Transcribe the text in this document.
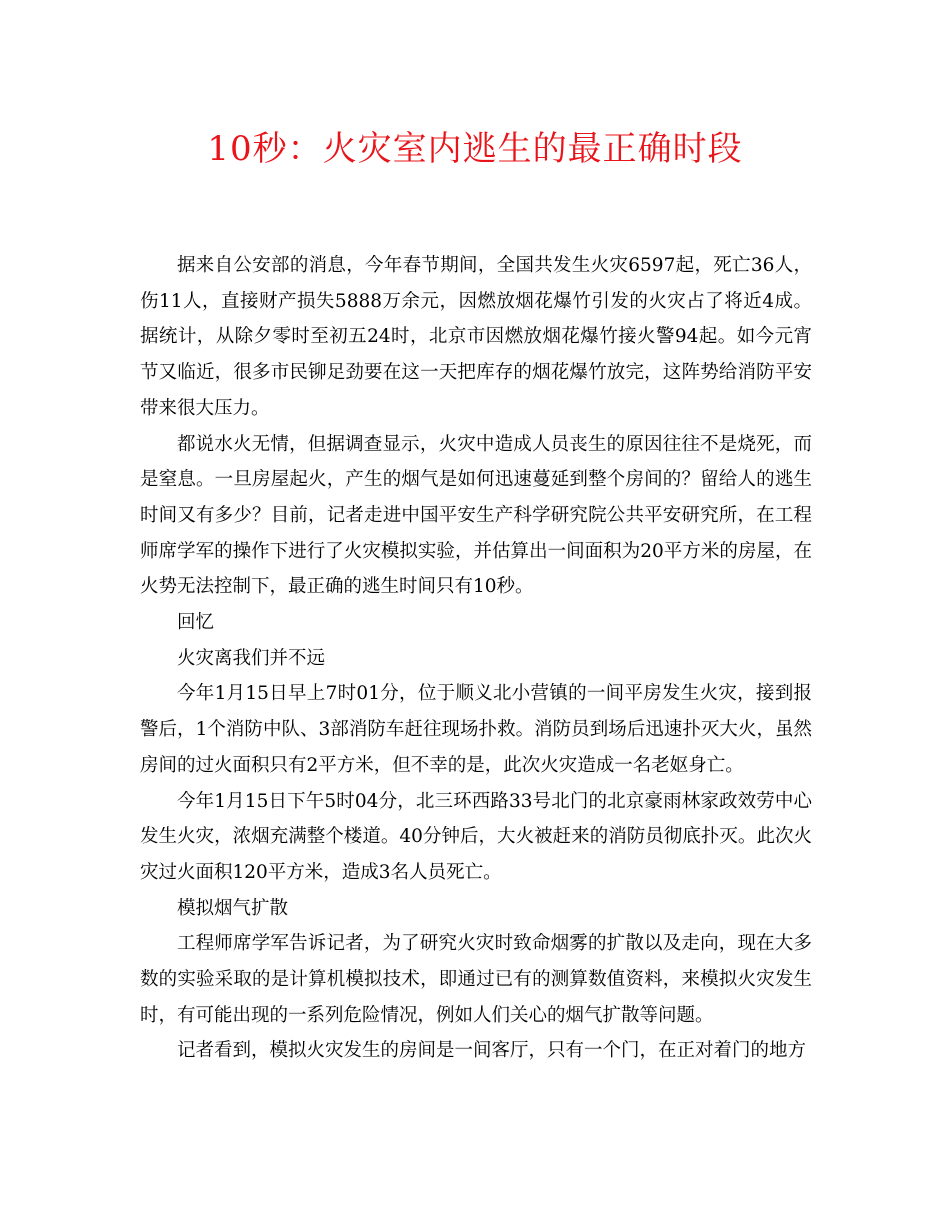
10秒：火灾室内逃生的最正确时段

据来自公安部的消息，今年春节期间，全国共发生火灾6597起，死亡36人，伤11人，直接财产损失5888万余元，因燃放烟花爆竹引发的火灾占了将近4成。据统计，从除夕零时至初五24时，北京市因燃放烟花爆竹接火警94起。如今元宵节又临近，很多市民铆足劲要在这一天把库存的烟花爆竹放完，这阵势给消防平安带来很大压力。

都说水火无情，但据调查显示，火灾中造成人员丧生的原因往往不是烧死，而是窒息。一旦房屋起火，产生的烟气是如何迅速蔓延到整个房间的？留给人的逃生时间又有多少？目前，记者走进中国平安生产科学研究院公共平安研究所，在工程师席学军的操作下进行了火灾模拟实验，并估算出一间面积为20平方米的房屋，在火势无法控制下，最正确的逃生时间只有10秒。

回忆

火灾离我们并不远

今年1月15日早上7时01分，位于顺义北小营镇的一间平房发生火灾，接到报警后，1个消防中队、3部消防车赶往现场扑救。消防员到场后迅速扑灭大火，虽然房间的过火面积只有2平方米，但不幸的是，此次火灾造成一名老妪身亡。

今年1月15日下午5时04分，北三环西路33号北门的北京豪雨林家政效劳中心发生火灾，浓烟充满整个楼道。40分钟后，大火被赶来的消防员彻底扑灭。此次火灾过火面积120平方米，造成3名人员死亡。

模拟烟气扩散

工程师席学军告诉记者，为了研究火灾时致命烟雾的扩散以及走向，现在大多数的实验采取的是计算机模拟技术，即通过已有的测算数值资料，来模拟火灾发生时，有可能出现的一系列危险情况，例如人们关心的烟气扩散等问题。

记者看到，模拟火灾发生的房间是一间客厅，只有一个门，在正对着门的地方
